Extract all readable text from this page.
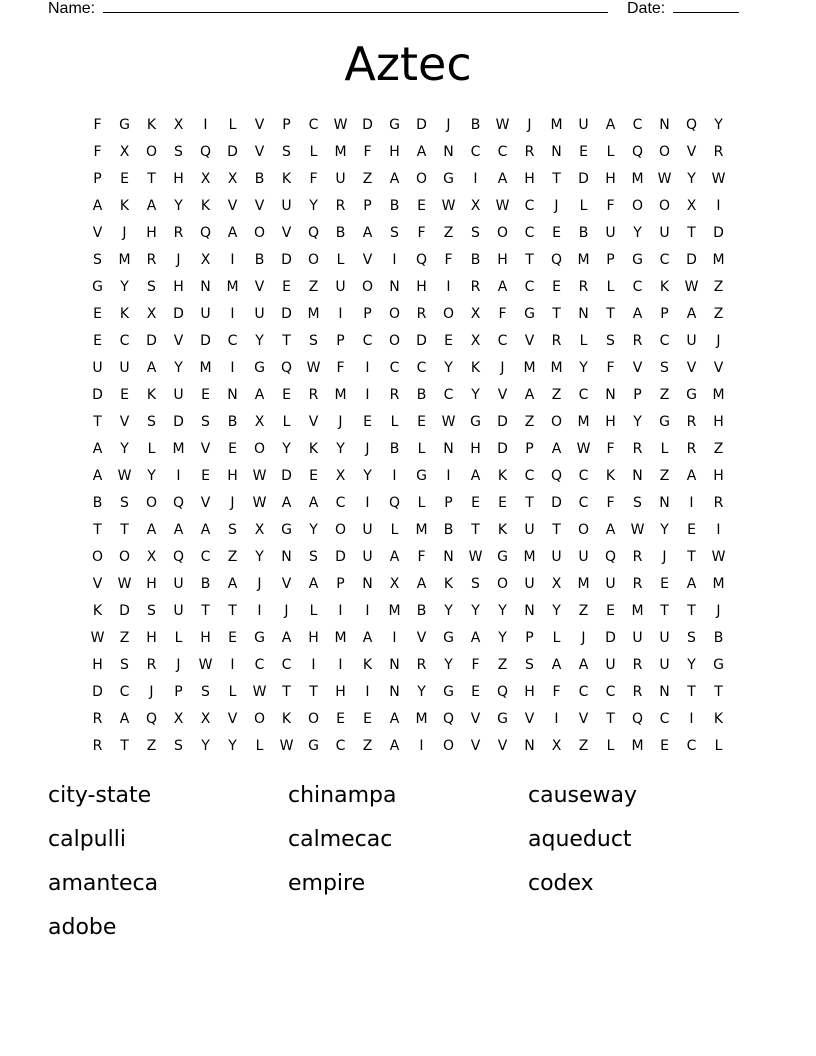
Name:	Date:
Aztec
F	G	K	X	I	L	V	P	C	W	D	G	D	J	B	W	J	M	U	A	C	N	Q	Y
F	X	O	S	Q	D	V	S	L	M	F	H	A	N	C	C	R	N	E	L	Q	O	V	R
P	E	T	H	X	X	B	K	F	U	Z	A	O	G	I	A	H	T	D	H	M	W	Y	W
A	K	A	Y	K	V	V	U	Y	R	P	B	E	W	X	W	C	J	L	F	O	O	X	I
V	J	H	R	Q	A	O	V	Q	B	A	S	F	Z	S	O	C	E	B	U	Y	U	T	D
S	M	R	J	X	I	B	D	O	L	V	I	Q	F	B	H	T	Q	M	P	G	C	D	M
G	Y	S	H	N	M	V	E	Z	U	O	N	H	I	R	A	C	E	R	L	C	K	W	Z
E	K	X	D	U	I	U	D	M	I	P	O	R	O	X	F	G	T	N	T	A	P	A	Z
E	C	D	V	D	C	Y	T	S	P	C	O	D	E	X	C	V	R	L	S	R	C	U	J
U	U	A	Y	M	I	G	Q	W	F	I	C	C	Y	K	J	M	M	Y	F	V	S	V	V
D	E	K	U	E	N	A	E	R	M	I	R	B	C	Y	V	A	Z	C	N	P	Z	G	M
T	V	S	D	S	B	X	L	V	J	E	L	E	W	G	D	Z	O	M	H	Y	G	R	H
A	Y	L	M	V	E	O	Y	K	Y	J	B	L	N	H	D	P	A	W	F	R	L	R	Z
A	W	Y	I	E	H	W	D	E	X	Y	I	G	I	A	K	C	Q	C	K	N	Z	A	H
B	S	O	Q	V	J	W	A	A	C	I	Q	L	P	E	E	T	D	C	F	S	N	I	R
T	T	A	A	A	S	X	G	Y	O	U	L	M	B	T	K	U	T	O	A	W	Y	E	I
O	O	X	Q	C	Z	Y	N	S	D	U	A	F	N	W	G	M	U	U	Q	R	J	T	W
V	W	H	U	B	A	J	V	A	P	N	X	A	K	S	O	U	X	M	U	R	E	A	M
K	D	S	U	T	T	I	J	L	I	I	M	B	Y	Y	Y	N	Y	Z	E	M	T	T	J
W	Z	H	L	H	E	G	A	H	M	A	I	V	G	A	Y	P	L	J	D	U	U	S	B
H	S	R	J	W	I	C	C	I	I	K	N	R	Y	F	Z	S	A	A	U	R	U	Y	G
D	C	J	P	S	L	W	T	T	H	I	N	Y	G	E	Q	H	F	C	C	R	N	T	T
R	A	Q	X	X	V	O	K	O	E	E	A	M	Q	V	G	V	I	V	T	Q	C	I	K
R	T	Z	S	Y	Y	L	W	G	C	Z	A	I	O	V	V	N	X	Z	L	M	E	C	L
city-state	chinampa	causeway
calpulli	calmecac	aqueduct
amanteca	empire	codex
adobe
